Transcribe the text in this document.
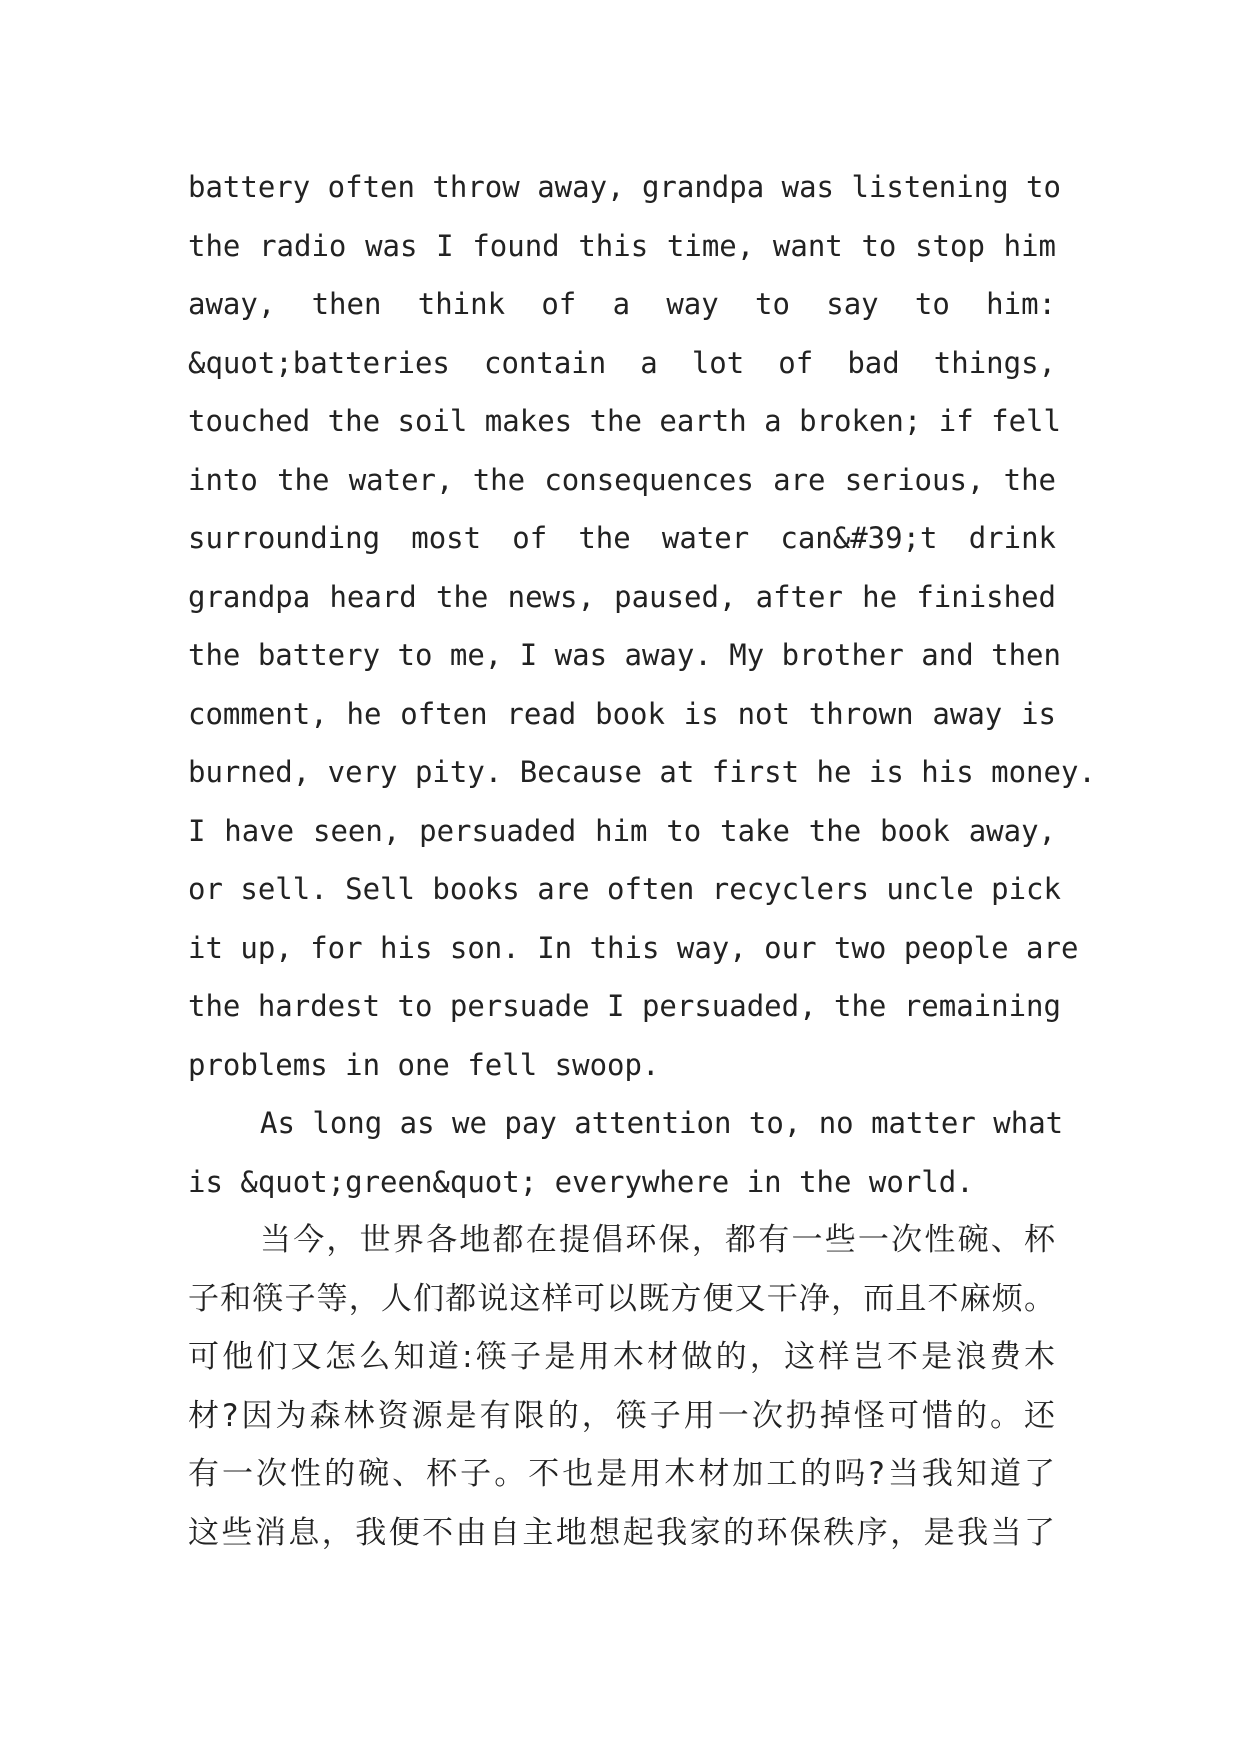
battery often throw away, grandpa was listening to
the radio was I found this time, want to stop him
away, then think of a way to say to him:
&quot;batteries contain a lot of bad things,
touched the soil makes the earth a broken; if fell
into the water, the consequences are serious, the
surrounding most of the water can&#39;t drink
grandpa heard the news, paused, after he finished
the battery to me, I was away. My brother and then
comment, he often read book is not thrown away is
burned, very pity. Because at first he is his money.
I have seen, persuaded him to take the book away,
or sell. Sell books are often recyclers uncle pick
it up, for his son. In this way, our two people are
the hardest to persuade I persuaded, the remaining
problems in one fell swoop.
As long as we pay attention to, no matter what
is &quot;green&quot; everywhere in the world.
当今，世界各地都在提倡环保，都有一些一次性碗、杯
子和筷子等，人们都说这样可以既方便又干净，而且不麻烦。
可他们又怎么知道:筷子是用木材做的，这样岂不是浪费木
材?因为森林资源是有限的，筷子用一次扔掉怪可惜的。还
有一次性的碗、杯子。不也是用木材加工的吗?当我知道了
这些消息，我便不由自主地想起我家的环保秩序，是我当了
